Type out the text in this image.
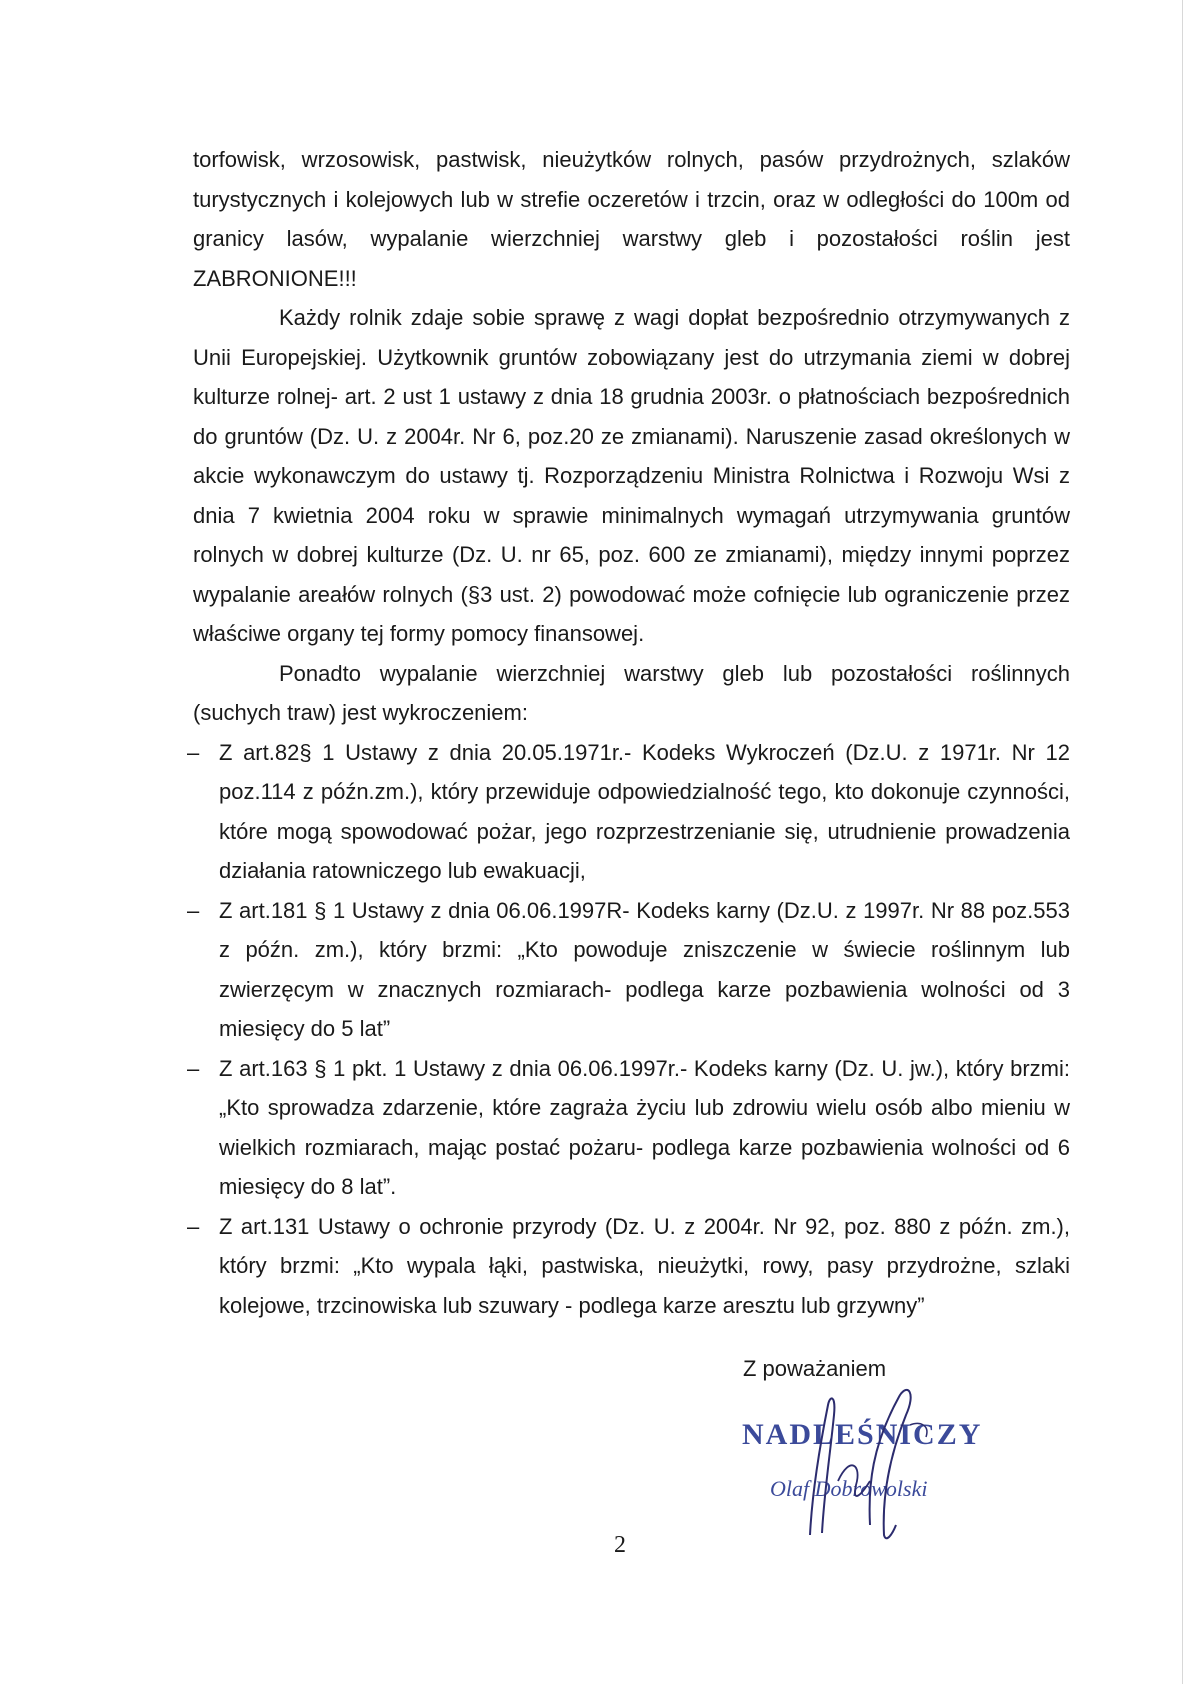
torfowisk, wrzosowisk, pastwisk, nieużytków rolnych, pasów przydrożnych, szlaków turystycznych i kolejowych lub w strefie oczeretów i trzcin, oraz w odległości do 100m od granicy lasów, wypalanie wierzchniej warstwy gleb i pozostałości roślin jest ZABRONIONE!!!

Każdy rolnik zdaje sobie sprawę z wagi dopłat bezpośrednio otrzymywanych z Unii Europejskiej. Użytkownik gruntów zobowiązany jest do utrzymania ziemi w dobrej kulturze rolnej- art. 2 ust 1 ustawy z dnia 18 grudnia 2003r. o płatnościach bezpośrednich do gruntów (Dz. U. z 2004r. Nr 6, poz.20 ze zmianami). Naruszenie zasad określonych w akcie wykonawczym do ustawy tj. Rozporządzeniu Ministra Rolnictwa i Rozwoju Wsi z dnia 7 kwietnia 2004 roku w sprawie minimalnych wymagań utrzymywania gruntów rolnych w dobrej kulturze (Dz. U. nr 65, poz. 600 ze zmianami), między innymi poprzez wypalanie areałów rolnych (§3 ust. 2) powodować może cofnięcie lub ograniczenie przez właściwe organy tej formy pomocy finansowej.

Ponadto wypalanie wierzchniej warstwy gleb lub pozostałości roślinnych (suchych traw) jest wykroczeniem:

– Z art.82§ 1 Ustawy z dnia 20.05.1971r.- Kodeks Wykroczeń (Dz.U. z 1971r. Nr 12 poz.114 z późn.zm.), który przewiduje odpowiedzialność tego, kto dokonuje czynności, które mogą spowodować pożar, jego rozprzestrzenianie się, utrudnienie prowadzenia działania ratowniczego lub ewakuacji,
– Z art.181 § 1 Ustawy z dnia 06.06.1997R- Kodeks karny (Dz.U. z 1997r. Nr 88 poz.553 z późn. zm.), który brzmi: „Kto powoduje zniszczenie w świecie roślinnym lub zwierzęcym w znacznych rozmiarach- podlega karze pozbawienia wolności od 3 miesięcy do 5 lat”
– Z art.163 § 1 pkt. 1 Ustawy z dnia 06.06.1997r.- Kodeks karny (Dz. U. jw.), który brzmi: „Kto sprowadza zdarzenie, które zagraża życiu lub zdrowiu wielu osób albo mieniu w wielkich rozmiarach, mając postać pożaru- podlega karze pozbawienia wolności od 6 miesięcy do 8 lat”.
– Z art.131 Ustawy o ochronie przyrody (Dz. U. z 2004r. Nr 92, poz. 880 z późn. zm.), który brzmi: „Kto wypala łąki, pastwiska, nieużytki, rowy, pasy przydrożne, szlaki kolejowe, trzcinowiska lub szuwary - podlega karze aresztu lub grzywny”
Z poważaniem
NADLEŚNICZY
Olaf Dobrowolski
2
